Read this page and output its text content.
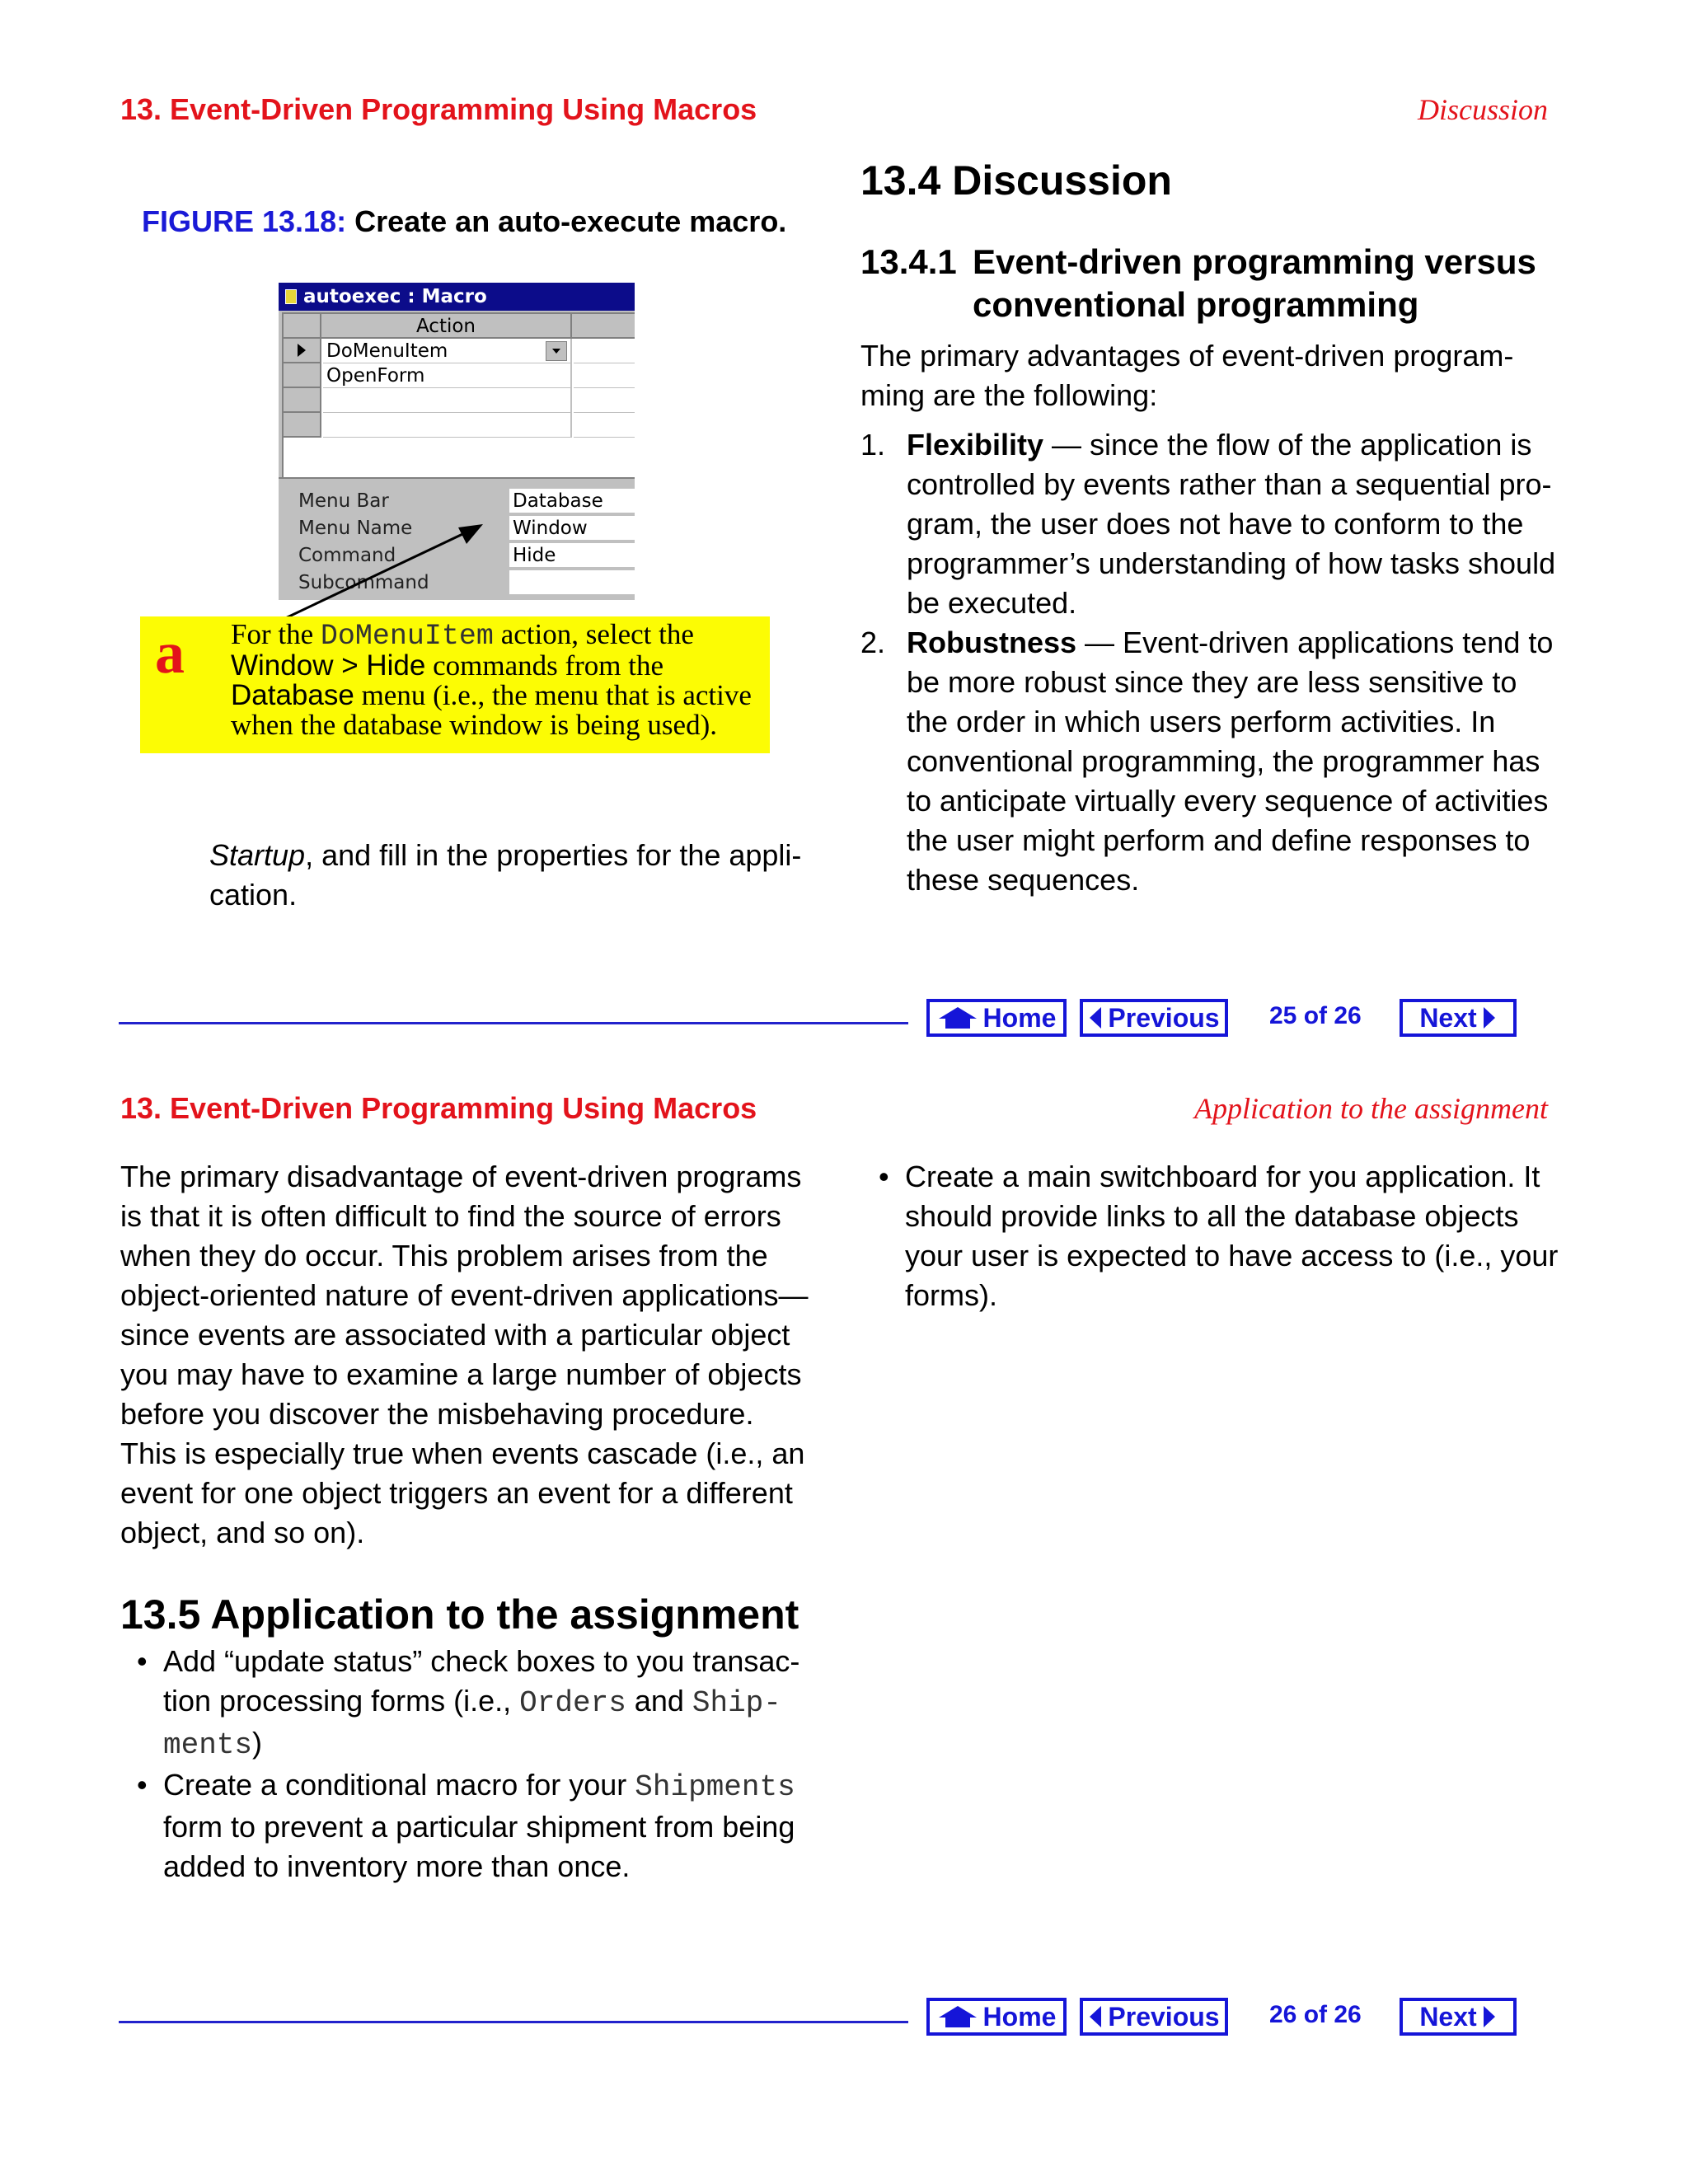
13. Event-Driven Programming Using Macros	Discussion
FIGURE 13.18: Create an auto-execute macro.
autoexec : Macro
Action
DoMenuItem
OpenForm
Menu Bar	Database
Menu Name	Window
Command	Hide
Subcommand
a For the DoMenuItem action, select the
Window > Hide commands from the
Database menu (i.e., the menu that is active
when the database window is being used).
Startup, and fill in the properties for the appli-
cation.
13.4 Discussion
13.4.1 Event-driven programming versus
conventional programming
The primary advantages of event-driven program-
ming are the following:
1. Flexibility — since the flow of the application is
controlled by events rather than a sequential pro-
gram, the user does not have to conform to the
programmer’s understanding of how tasks should
be executed.
2. Robustness — Event-driven applications tend to
be more robust since they are less sensitive to
the order in which users perform activities. In
conventional programming, the programmer has
to anticipate virtually every sequence of activities
the user might perform and define responses to
these sequences.
Home Previous 25 of 26 Next
13. Event-Driven Programming Using Macros	Application to the assignment
The primary disadvantage of event-driven programs
is that it is often difficult to find the source of errors
when they do occur. This problem arises from the
object-oriented nature of event-driven applications—
since events are associated with a particular object
you may have to examine a large number of objects
before you discover the misbehaving procedure.
This is especially true when events cascade (i.e., an
event for one object triggers an event for a different
object, and so on).
13.5 Application to the assignment
• Add “update status” check boxes to you transac-
tion processing forms (i.e., Orders and Ship-
ments)
• Create a conditional macro for your Shipments
form to prevent a particular shipment from being
added to inventory more than once.
• Create a main switchboard for you application. It
should provide links to all the database objects
your user is expected to have access to (i.e., your
forms).
Home Previous 26 of 26 Next
